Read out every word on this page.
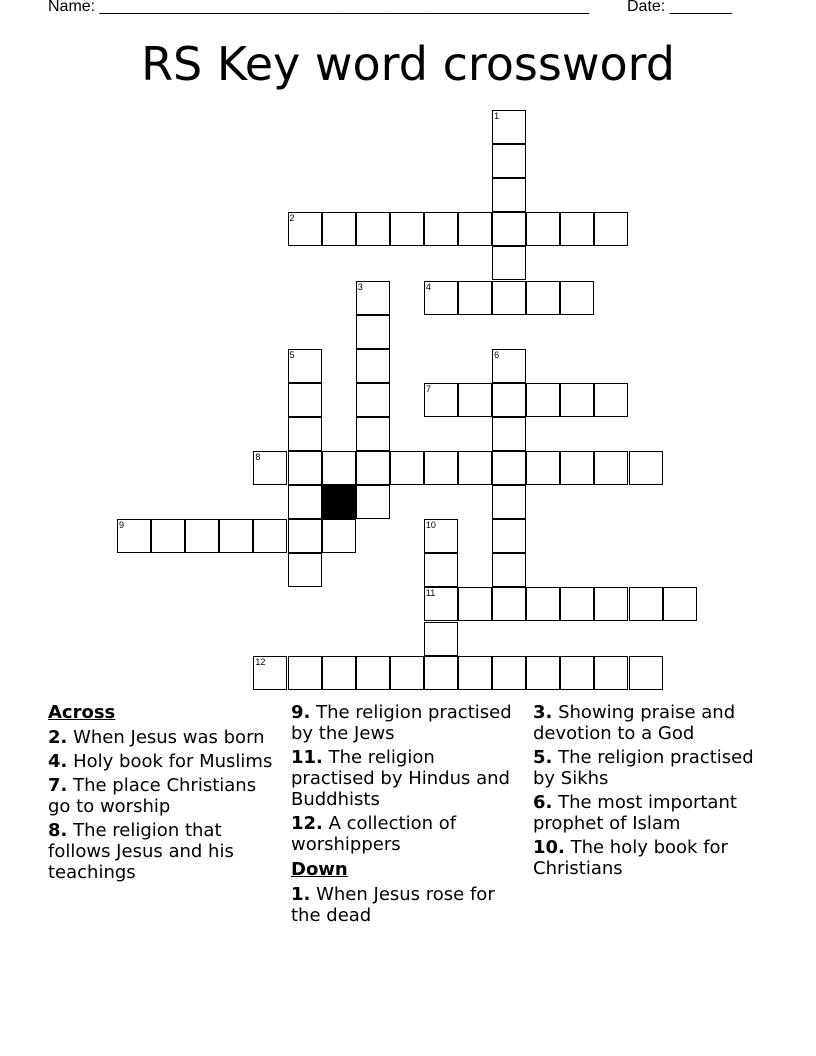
Name: _______________________________________________________ Date: _______
RS Key word crossword
1
2
3	4
5	6
7
8
9	10
11
12
Across
2. When Jesus was born
4. Holy book for Muslims
7. The place Christians go to worship
8. The religion that follows Jesus and his teachings
9. The religion practised by the Jews
11. The religion practised by Hindus and Buddhists
12. A collection of worshippers
Down
1. When Jesus rose for the dead
3. Showing praise and devotion to a God
5. The religion practised by Sikhs
6. The most important prophet of Islam
10. The holy book for Christians
